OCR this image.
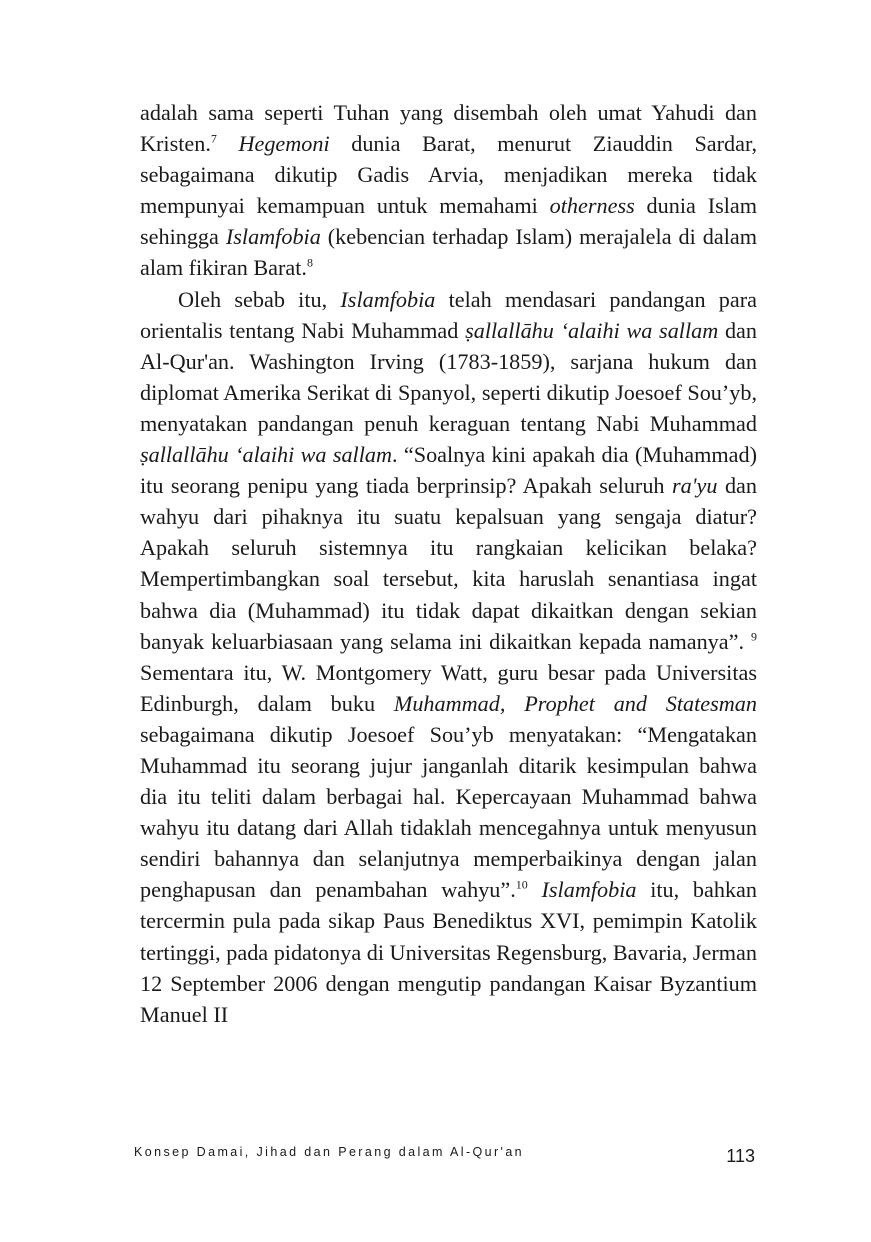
adalah sama seperti Tuhan yang disembah oleh umat Yahudi dan Kristen.$^7$ Hegemoni dunia Barat, menurut Ziauddin Sardar, sebagaimana dikutip Gadis Arvia, menjadikan mereka tidak mempunyai kemampuan untuk memahami otherness dunia Islam sehingga Islamfobia (kebencian terhadap Islam) merajalela di dalam alam fikiran Barat.$^8$

Oleh sebab itu, Islamfobia telah mendasari pandangan para orientalis tentang Nabi Muhammad ṣallallāhu ‘alaihi wa sallam dan Al-Qur'an. Washington Irving (1783-1859), sarjana hukum dan diplomat Amerika Serikat di Spanyol, seperti dikutip Joesoef Sou’yb, menyatakan pandangan penuh keraguan tentang Nabi Muhammad ṣallallāhu ‘alaihi wa sallam. “Soalnya kini apakah dia (Muhammad) itu seorang penipu yang tiada berprinsip? Apakah seluruh ra'yu dan wahyu dari pihaknya itu suatu kepalsuan yang sengaja diatur? Apakah seluruh sistemnya itu rangkaian kelicikan belaka? Mempertimbangkan soal tersebut, kita haruslah senantiasa ingat bahwa dia (Muhammad) itu tidak dapat dikaitkan dengan sekian banyak keluarbiasaan yang selama ini dikaitkan kepada namanya”. $^9$ Sementara itu, W. Montgomery Watt, guru besar pada Universitas Edinburgh, dalam buku Muhammad, Prophet and Statesman sebagaimana dikutip Joesoef Sou’yb menyatakan: “Mengatakan Muhammad itu seorang jujur janganlah ditarik kesimpulan bahwa dia itu teliti dalam berbagai hal. Kepercayaan Muhammad bahwa wahyu itu datang dari Allah tidaklah mencegahnya untuk menyusun sendiri bahannya dan selanjutnya memperbaikinya dengan jalan penghapusan dan penambahan wahyu”.$^{10}$ Islamfobia itu, bahkan tercermin pula pada sikap Paus Benediktus XVI, pemimpin Katolik tertinggi, pada pidatonya di Universitas Regensburg, Bavaria, Jerman 12 September 2006 dengan mengutip pandangan Kaisar Byzantium Manuel II

Konsep Damai, Jihad dan Perang dalam Al-Qur'an	113
